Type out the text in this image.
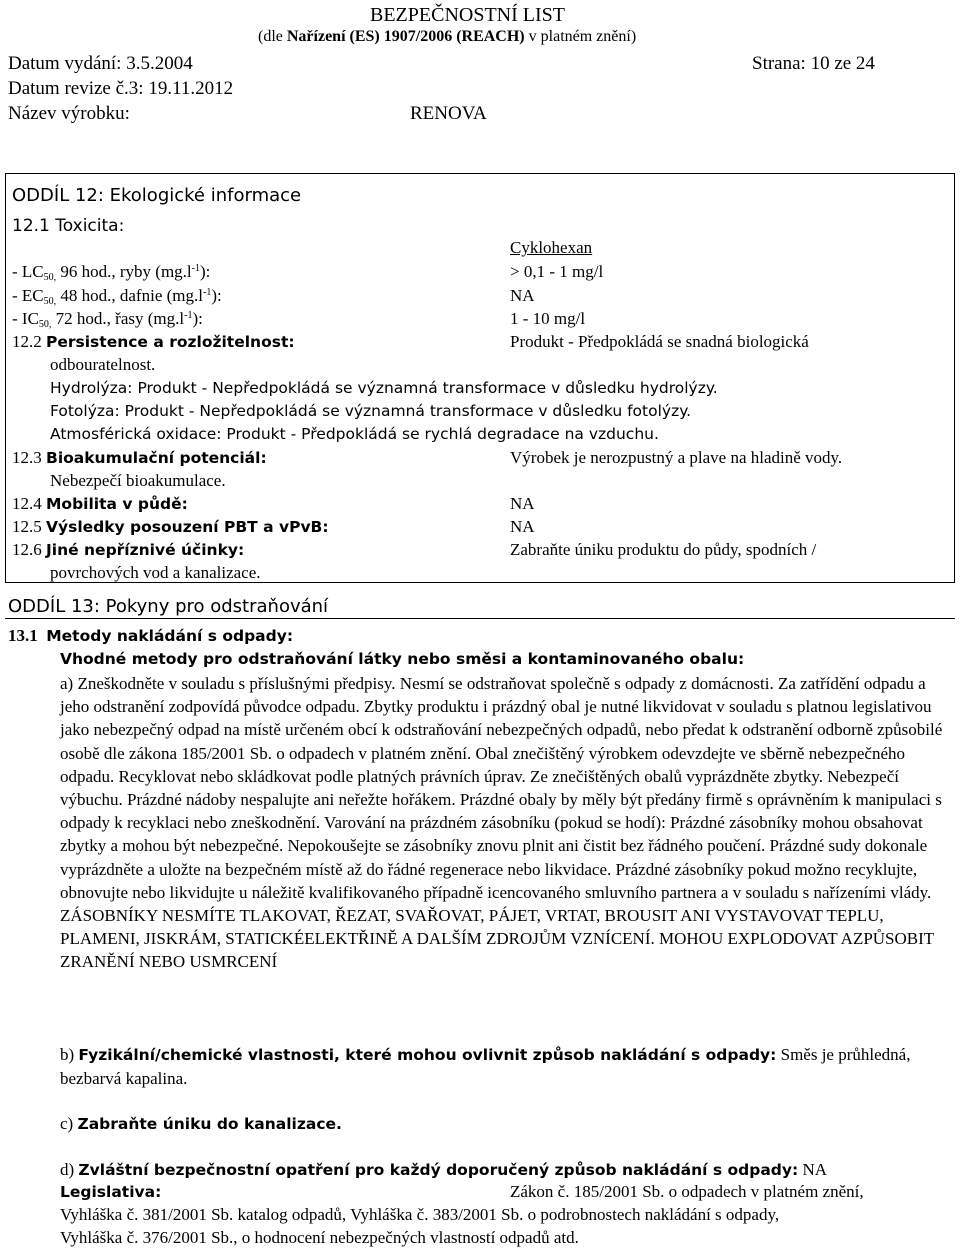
BEZPEČNOSTNÍ LIST
(dle Nařízení (ES) 1907/2006 (REACH) v platném znění)
Datum vydání: 3.5.2004	Strana: 10 ze 24
Datum revize č.3: 19.11.2012
Název výrobku:	RENOVA
ODDÍL 12: Ekologické informace
12.1 Toxicita:
Cyklohexan
- $LC_{50,}$ 96 hod., ryby $(mg.l^{-1})$:	> 0,1 - 1 mg/l
- $EC_{50,}$ 48 hod., dafnie $(mg.l^{-1})$:	NA
- $IC_{50,}$ 72 hod., řasy $(mg.l^{-1})$:	1 - 10 mg/l
12.2 Persistence a rozložitelnost:	Produkt - Předpokládá se snadná biologická
odbouratelnost.
Hydrolýza: Produkt - Nepředpokládá se významná transformace v důsledku hydrolýzy.
Fotolýza: Produkt - Nepředpokládá se významná transformace v důsledku fotolýzy.
Atmosférická oxidace: Produkt - Předpokládá se rychlá degradace na vzduchu.
12.3 Bioakumulační potenciál:	Výrobek je nerozpustný a plave na hladině vody.
Nebezpečí bioakumulace.
12.4 Mobilita v půdě:	NA
12.5 Výsledky posouzení PBT a vPvB:	NA
12.6 Jiné nepříznivé účinky:	Zabraňte úniku produktu do půdy, spodních /
povrchových vod a kanalizace.
ODDÍL 13: Pokyny pro odstraňování
13.1 Metody nakládání s odpady:
Vhodné metody pro odstraňování látky nebo směsi a kontaminovaného obalu:
a) Zneškodněte v souladu s příslušnými předpisy. Nesmí se odstraňovat společně s odpady z domácnosti. Za zatřídění odpadu a jeho odstranění zodpovídá původce odpadu. Zbytky produktu i prázdný obal je nutné likvidovat v souladu s platnou legislativou jako nebezpečný odpad na místě určeném obcí k odstraňování nebezpečných odpadů, nebo předat k odstranění odborně způsobilé osobě dle zákona 185/2001 Sb. o odpadech v platném znění. Obal znečištěný výrobkem odevzdejte ve sběrně nebezpečného odpadu. Recyklovat nebo skládkovat podle platných právních úprav. Ze znečištěných obalů vyprázdněte zbytky. Nebezpečí výbuchu. Prázdné nádoby nespalujte ani neřežte hořákem. Prázdné obaly by měly být předány firmě s oprávněním k manipulaci s odpady k recyklaci nebo zneškodnění. Varování na prázdném zásobníku (pokud se hodí): Prázdné zásobníky mohou obsahovat zbytky a mohou být nebezpečné. Nepokoušejte se zásobníky znovu plnit ani čistit bez řádného poučení. Prázdné sudy dokonale vyprázdněte a uložte na bezpečném místě až do řádné regenerace nebo likvidace. Prázdné zásobníky pokud možno recyklujte, obnovujte nebo likvidujte u náležitě kvalifikovaného případně icencovaného smluvního partnera a v souladu s nařízeními vlády. ZÁSOBNÍKY NESMÍTE TLAKOVAT, ŘEZAT, SVAŘOVAT, PÁJET, VRTAT, BROUSIT ANI VYSTAVOVAT TEPLU, PLAMENI, JISKRÁM, STATICKÉELEKTŘINĚ A DALŠÍM ZDROJŮM VZNÍCENÍ. MOHOU EXPLODOVAT AZPŮSOBIT ZRANĚNÍ NEBO USMRCENÍ
b) Fyzikální/chemické vlastnosti, které mohou ovlivnit způsob nakládání s odpady: Směs je průhledná, bezbarvá kapalina.
c) Zabraňte úniku do kanalizace.
d) Zvláštní bezpečnostní opatření pro každý doporučený způsob nakládání s odpady: NA
Legislativa:	Zákon č. 185/2001 Sb. o odpadech v platném znění,
Vyhláška č. 381/2001 Sb. katalog odpadů, Vyhláška č. 383/2001 Sb. o podrobnostech nakládání s odpady,
Vyhláška č. 376/2001 Sb., o hodnocení nebezpečných vlastností odpadů atd.
